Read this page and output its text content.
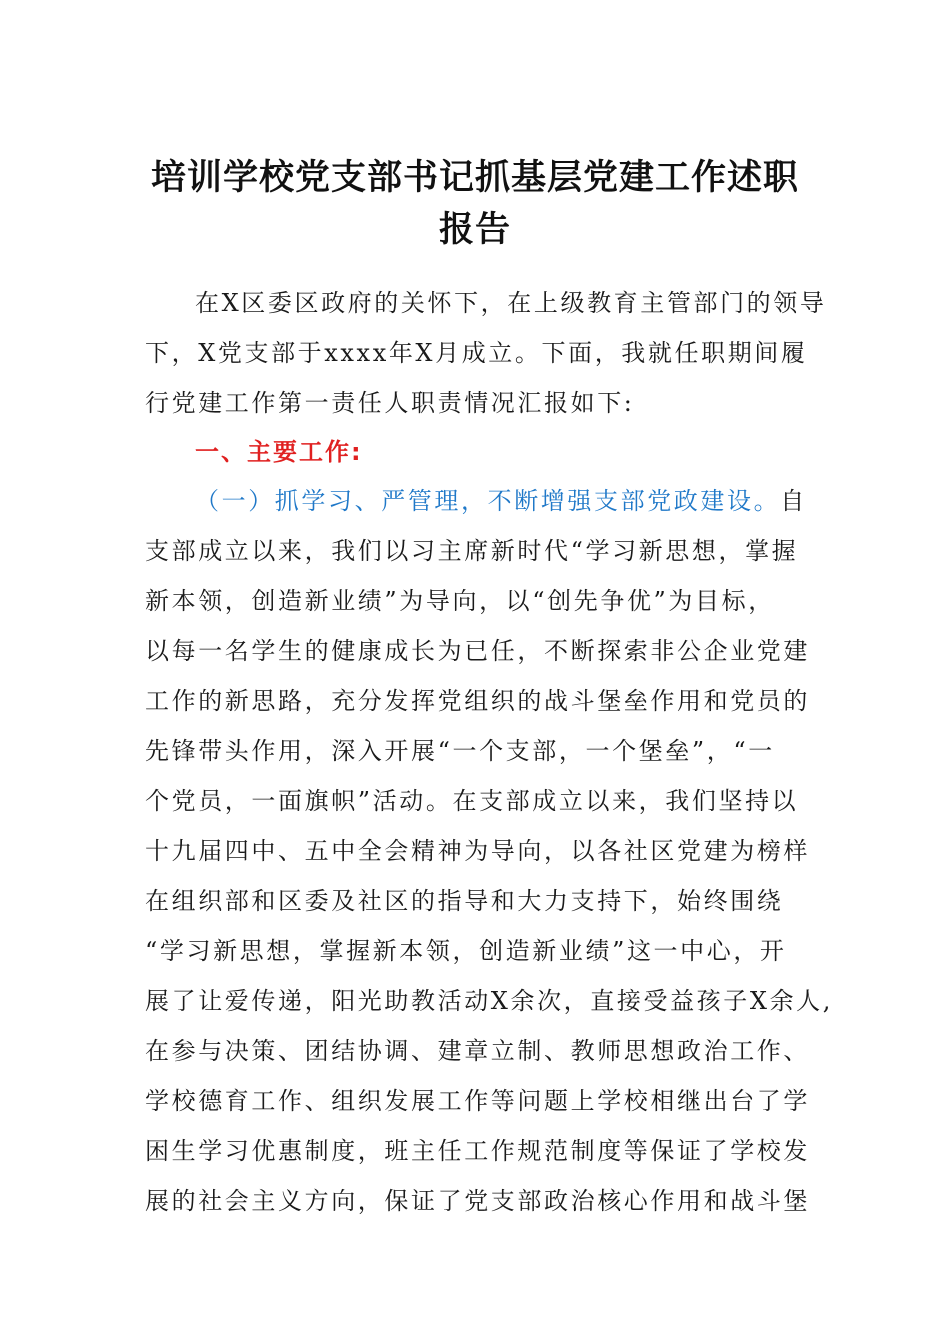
培训学校党支部书记抓基层党建工作述职
报告

在X区委区政府的关怀下，在上级教育主管部门的领导

下，X党支部于xxxx年X月成立。下面，我就任职期间履

行党建工作第一责任人职责情况汇报如下:

一、主要工作:

（一）抓学习、严管理，不断增强支部党政建设。自

支部成立以来，我们以习主席新时代“学习新思想，掌握

新本领，创造新业绩”为导向，以“创先争优”为目标，

以每一名学生的健康成长为已任，不断探索非公企业党建

工作的新思路，充分发挥党组织的战斗堡垒作用和党员的

先锋带头作用，深入开展“一个支部，一个堡垒”，“一

个党员，一面旗帜”活动。在支部成立以来，我们坚持以

十九届四中、五中全会精神为导向，以各社区党建为榜样

在组织部和区委及社区的指导和大力支持下，始终围绕

“学习新思想，掌握新本领，创造新业绩”这一中心，开

展了让爱传递，阳光助教活动X余次，直接受益孩子X余人,

在参与决策、团结协调、建章立制、教师思想政治工作、

学校德育工作、组织发展工作等问题上学校相继出台了学

困生学习优惠制度，班主任工作规范制度等保证了学校发

展的社会主义方向，保证了党支部政治核心作用和战斗堡
